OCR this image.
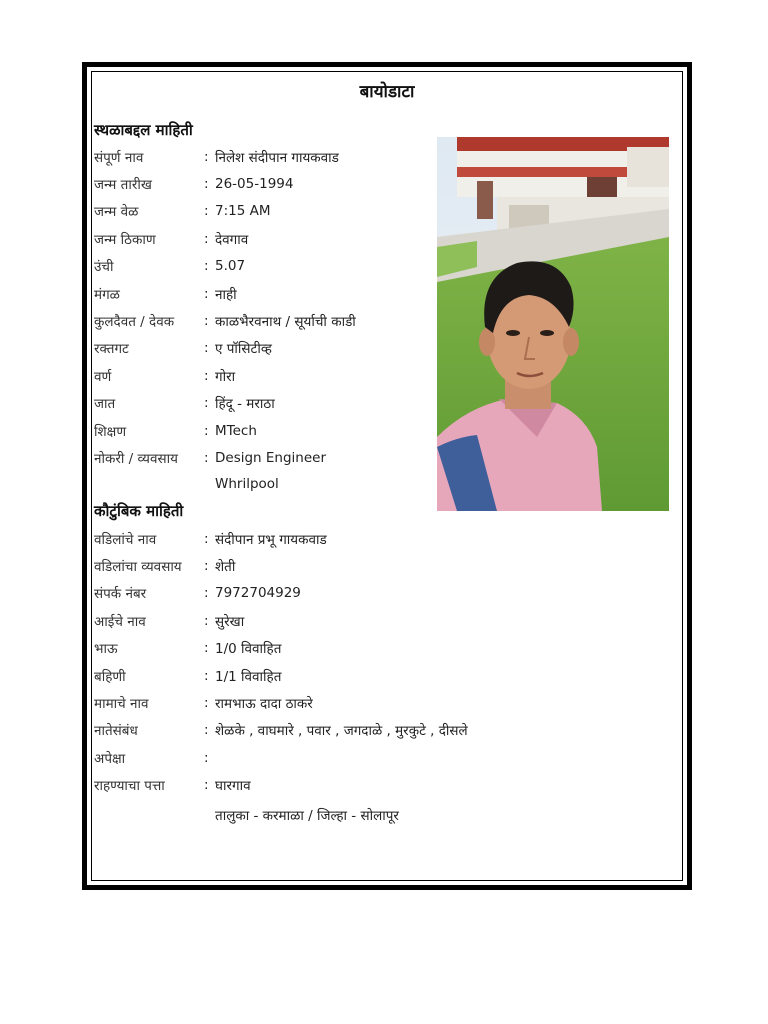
बायोडाटा
स्थळाबद्दल माहिती
संपूर्ण नाव	: निलेश संदीपान गायकवाड
जन्म तारीख	: 26-05-1994
जन्म वेळ	: 7:15 AM
जन्म ठिकाण	: देवगाव
उंची	: 5.07
मंगळ	: नाही
कुलदैवत / देवक	: काळभैरवनाथ / सूर्याची काडी
रक्तगट	: ए पॉसिटीव्ह
वर्ण	: गोरा
जात	: हिंदू - मराठा
शिक्षण	: MTech
नोकरी / व्यवसाय	: Design Engineer
Whrilpool
कौटुंबिक माहिती
वडिलांचे नाव	: संदीपान प्रभू गायकवाड
वडिलांचा व्यवसाय	: शेती
संपर्क नंबर	: 7972704929
आईचे नाव	: सुरेखा
भाऊ	: 1/0 विवाहित
बहिणी	: 1/1 विवाहित
मामाचे नाव	: रामभाऊ दादा ठाकरे
नातेसंबंध	: शेळके , वाघमारे , पवार , जगदाळे , मुरकुटे , दीसले
अपेक्षा	:
राहण्याचा पत्ता	: घारगाव
तालुका - करमाळा / जिल्हा - सोलापूर
